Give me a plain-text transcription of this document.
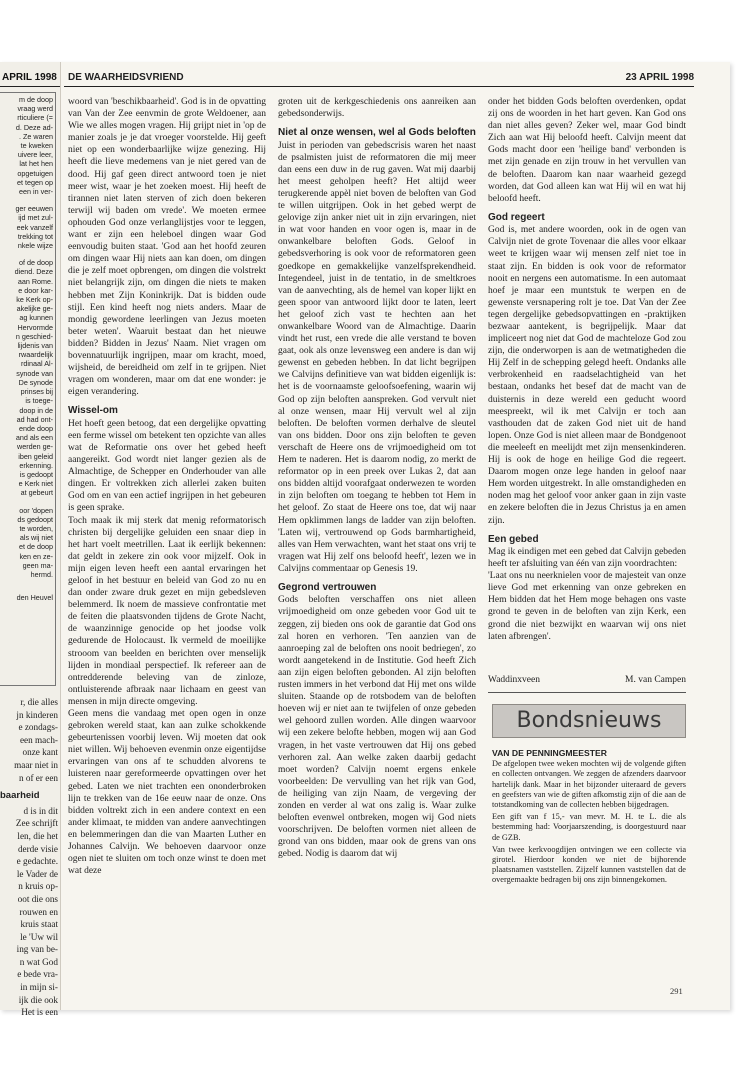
APRIL 1998
m de doop
vraag werd
rticuliere (=
d. Deze ad-
. Ze waren
te kweken
uivere leer,
lat het hen
opgetuigen
et tegen op
een in ver-
ger eeuwen
ijd met zul-
eek vanzelf
trekking tot
nkele wijze
of de doop
diend. Deze
aan Rome.
e door kar-
ke Kerk op-
akelijke ge-
ag kunnen
Hervormde
n geschied-
lijdenis van
rwaardelijk
rdinaal Al-
synode van
De synode
prinses bij
is toege-
doop in de
ad had ont-
ende doop
and als een
werden ge-
iben geleid
erkenning.
is gedoopt
e Kerk niet
at gebeurt
oor 'dopen
ds gedoopt
te worden,
als wij niet
et de doop
ken en ze-
geen ma-
hermd.
den Heuvel
r, die alles
jn kinderen
e zondags-
een mach-
onze kant
maar niet in
n of er een
baarheid
d is in dit
Zee schrijft
len, die het
derde visie
e gedachte.
le Vader de
n kruis op-
oot die ons
rouwen en
kruis staat
le 'Uw wil
ing van be-
n wat God
e bede vra-
in mijn si-
ijk die ook
Het is een
DE WAARHEIDSVRIEND	23 APRIL 1998

woord van 'beschikbaarheid'. God is in de opvatting van Van der Zee eenvmin de grote Weldoener, aan Wie we alles mogen vragen. Hij grijpt niet in 'op de manier zoals je je dat vroeger voorstelde. Hij geeft niet op een wonderbaarlijke wijze genezing. Hij heeft die lieve medemens van je niet gered van de dood. Hij gaf geen direct antwoord toen je niet meer wist, waar je het zoeken moest. Hij heeft de tirannen niet laten sterven of zich doen bekeren terwijl wij baden om vrede'. We moeten ermee ophouden God onze verlanglijstjes voor te leggen, want er zijn een heleboel dingen waar God eenvoudig buiten staat. 'God aan het hoofd zeuren om dingen waar Hij niets aan kan doen, om dingen die je zelf moet opbrengen, om dingen die volstrekt niet belangrijk zijn, om dingen die niets te maken hebben met Zijn Koninkrijk. Dat is bidden oude stijl. Een kind heeft nog niets anders. Maar de mondig gewordene leerlingen van Jezus moeten beter weten'. Waaruit bestaat dan het nieuwe bidden? Bidden in Jezus' Naam. Niet vragen om bovennatuurlijk ingrijpen, maar om kracht, moed, wijsheid, de bereidheid om zelf in te grijpen. Niet vragen om wonderen, maar om dat ene wonder: je eigen verandering.

Wissel-om

Het hoeft geen betoog, dat een dergelijke opvatting een ferme wissel om betekent ten opzichte van alles wat de Reformatie ons over het gebed heeft aangereikt. God wordt niet langer gezien als de Almachtige, de Schepper en Onderhouder van alle dingen. Er voltrekken zich allerlei zaken buiten God om en van een actief ingrijpen in het gebeuren is geen sprake.

Toch maak ik mij sterk dat menig reformatorisch christen bij dergelijke geluiden een snaar diep in het hart voelt meetrillen. Laat ik eerlijk bekennen: dat geldt in zekere zin ook voor mijzelf. Ook in mijn eigen leven heeft een aantal ervaringen het geloof in het bestuur en beleid van God zo nu en dan onder zware druk gezet en mijn gebedsleven belemmerd. Ik noem de massieve confrontatie met de feiten die plaatsvonden tijdens de Grote Nacht, de waanzinnige genocide op het joodse volk gedurende de Holocaust. Ik vermeld de moeilijke strooom van beelden en berichten over menselijk lijden in mondiaal perspectief. Ik refereer aan de ontredderende beleving van de zinloze, ontluisterende afbraak naar lichaam en geest van mensen in mijn directe omgeving.

Geen mens die vandaag met open ogen in onze gebroken wereld staat, kan aan zulke schokkende gebeurtenissen voorbij leven. Wij moeten dat ook niet willen. Wij behoeven evenmin onze eigentijdse ervaringen van ons af te schudden alvorens te luisteren naar gereformeerde opvattingen over het gebed. Laten we niet trachten een ononderbroken lijn te trekken van de 16e eeuw naar de onze. Ons bidden voltrekt zich in een andere context en een ander klimaat, te midden van andere aanvechtingen en belemmeringen dan die van Maarten Luther en Johannes Calvijn. We behoeven daarvoor onze ogen niet te sluiten om toch onze winst te doen met wat deze

groten uit de kerkgeschiedenis ons aanreiken aan gebedsonderwijs.

Niet al onze wensen, wel al Gods beloften

Juist in perioden van gebedscrisis waren het naast de psalmisten juist de reformatoren die mij meer dan eens een duw in de rug gaven. Wat mij daarbij het meest geholpen heeft? Het altijd weer terugkerende appèl niet boven de beloften van God te willen uitgrijpen. Ook in het gebed werpt de gelovige zijn anker niet uit in zijn ervaringen, niet in wat voor handen en voor ogen is, maar in de onwankelbare beloften Gods. Geloof in gebedsverhoring is ook voor de reformatoren geen goedkope en gemakkelijke vanzelfsprekendheid. Integendeel, juist in de tentatio, in de smeltkroes van de aanvechting, als de hemel van koper lijkt en geen spoor van antwoord lijkt door te laten, leert het geloof zich vast te hechten aan het onwankelbare Woord van de Almachtige. Daarin vindt het rust, een vrede die alle verstand te boven gaat, ook als onze levensweg een andere is dan wij gewenst en gebeden hebben. In dat licht begrijpen we Calvijns definitieve van wat bidden eigenlijk is: het is de voornaamste geloofsoefening, waarin wij God op zijn beloften aanspreken. God vervult niet al onze wensen, maar Hij vervult wel al zijn beloften. De beloften vormen derhalve de sleutel van ons bidden. Door ons zijn beloften te geven verschaft de Heere ons de vrijmoedigheid om tot Hem te naderen. Het is daarom nodig, zo merkt de reformator op in een preek over Lukas 2, dat aan ons bidden altijd voorafgaat onderwezen te worden in zijn beloften om toegang te hebben tot Hem in het geloof. Zo staat de Heere ons toe, dat wij naar Hem opklimmen langs de ladder van zijn beloften. 'Laten wij, vertrouwend op Gods barmhartigheid, alles van Hem verwachten, want het staat ons vrij te vragen wat Hij zelf ons beloofd heeft', lezen we in Calvijns commentaar op Genesis 19.

Gegrond vertrouwen

Gods beloften verschaffen ons niet alleen vrijmoedigheid om onze gebeden voor God uit te zeggen, zij bieden ons ook de garantie dat God ons zal horen en verhoren. 'Ten aanzien van de aanroeping zal de beloften ons nooit bedriegen', zo wordt aangetekend in de Institutie. God heeft Zich aan zijn eigen beloften gebonden. Al zijn beloften rusten immers in het verbond dat Hij met ons wilde sluiten. Staande op de rotsbodem van de beloften hoeven wij er niet aan te twijfelen of onze gebeden wel gehoord zullen worden. Alle dingen waarvoor wij een zekere belofte hebben, mogen wij aan God vragen, in het vaste vertrouwen dat Hij ons gebed verhoren zal. Aan welke zaken daarbij gedacht moet worden? Calvijn noemt ergens enkele voorbeelden: De vervulling van het rijk van God, de heiliging van zijn Naam, de vergeving der zonden en verder al wat ons zalig is. Waar zulke beloften evenwel ontbreken, mogen wij God niets voorschrijven. De beloften vormen niet alleen de grond van ons bidden, maar ook de grens van ons gebed. Nodig is daarom dat wij

onder het bidden Gods beloften overdenken, opdat zij ons de woorden in het hart geven. Kan God ons dan niet alles geven? Zeker wel, maar God bindt Zich aan wat Hij beloofd heeft. Calvijn meent dat Gods macht door een 'heilige band' verbonden is met zijn genade en zijn trouw in het vervullen van de beloften. Daarom kan naar waarheid gezegd worden, dat God alleen kan wat Hij wil en wat hij beloofd heeft.

God regeert

God is, met andere woorden, ook in de ogen van Calvijn niet de grote Tovenaar die alles voor elkaar weet te krijgen waar wij mensen zelf niet toe in staat zijn. En bidden is ook voor de reformator nooit en nergens een automatisme. In een automaat hoef je maar een muntstuk te werpen en de gewenste versnapering rolt je toe. Dat Van der Zee tegen dergelijke gebedsopvattingen en -praktijken bezwaar aantekent, is begrijpelijk. Maar dat impliceert nog niet dat God de machteloze God zou zijn, die onderworpen is aan de wetmatigheden die Hij Zelf in de schepping gelegd heeft. Ondanks alle verbrokenheid en raadselachtigheid van het bestaan, ondanks het besef dat de macht van de duisternis in deze wereld een geducht woord meespreekt, wil ik met Calvijn er toch aan vasthouden dat de zaken God niet uit de hand lopen. Onze God is niet alleen maar de Bondgenoot die meeleeft en meelijdt met zijn mensenkinderen. Hij is ook de hoge en heilige God die regeert. Daarom mogen onze lege handen in geloof naar Hem worden uitgestrekt. In alle omstandigheden en noden mag het geloof voor anker gaan in zijn vaste en zekere beloften die in Jezus Christus ja en amen zijn.

Een gebed

Mag ik eindigen met een gebed dat Calvijn gebeden heeft ter afsluiting van één van zijn voordrachten:

'Laat ons nu neerknielen voor de majesteit van onze lieve God met erkenning van onze gebreken en Hem bidden dat het Hem moge behagen ons vaste grond te geven in de beloften van zijn Kerk, een grond die niet bezwijkt en waarvan wij ons niet laten afbrengen'.

Waddinxveen	M. van Campen
Bondsnieuws
VAN DE PENNINGMEESTER

De afgelopen twee weken mochten wij de volgende giften en collecten ontvangen. We zeggen de afzenders daarvoor hartelijk dank. Maar in het bijzonder uiteraard de gevers en geefsters van wie de giften afkomstig zijn of die aan de totstandkoming van de collecten hebben bijgedragen.

Een gift van f 15,- van mevr. M. H. te L. die als bestemming had: Voorjaarszending, is doorgestuurd naar de GZB.

Van twee kerkvoogdijen ontvingen we een collecte via girotel. Hierdoor konden we niet de bijhorende plaatsnamen vaststellen. Zijzelf kunnen vaststellen dat de overgemaakte bedragen bij ons zijn binnengekomen.

291
